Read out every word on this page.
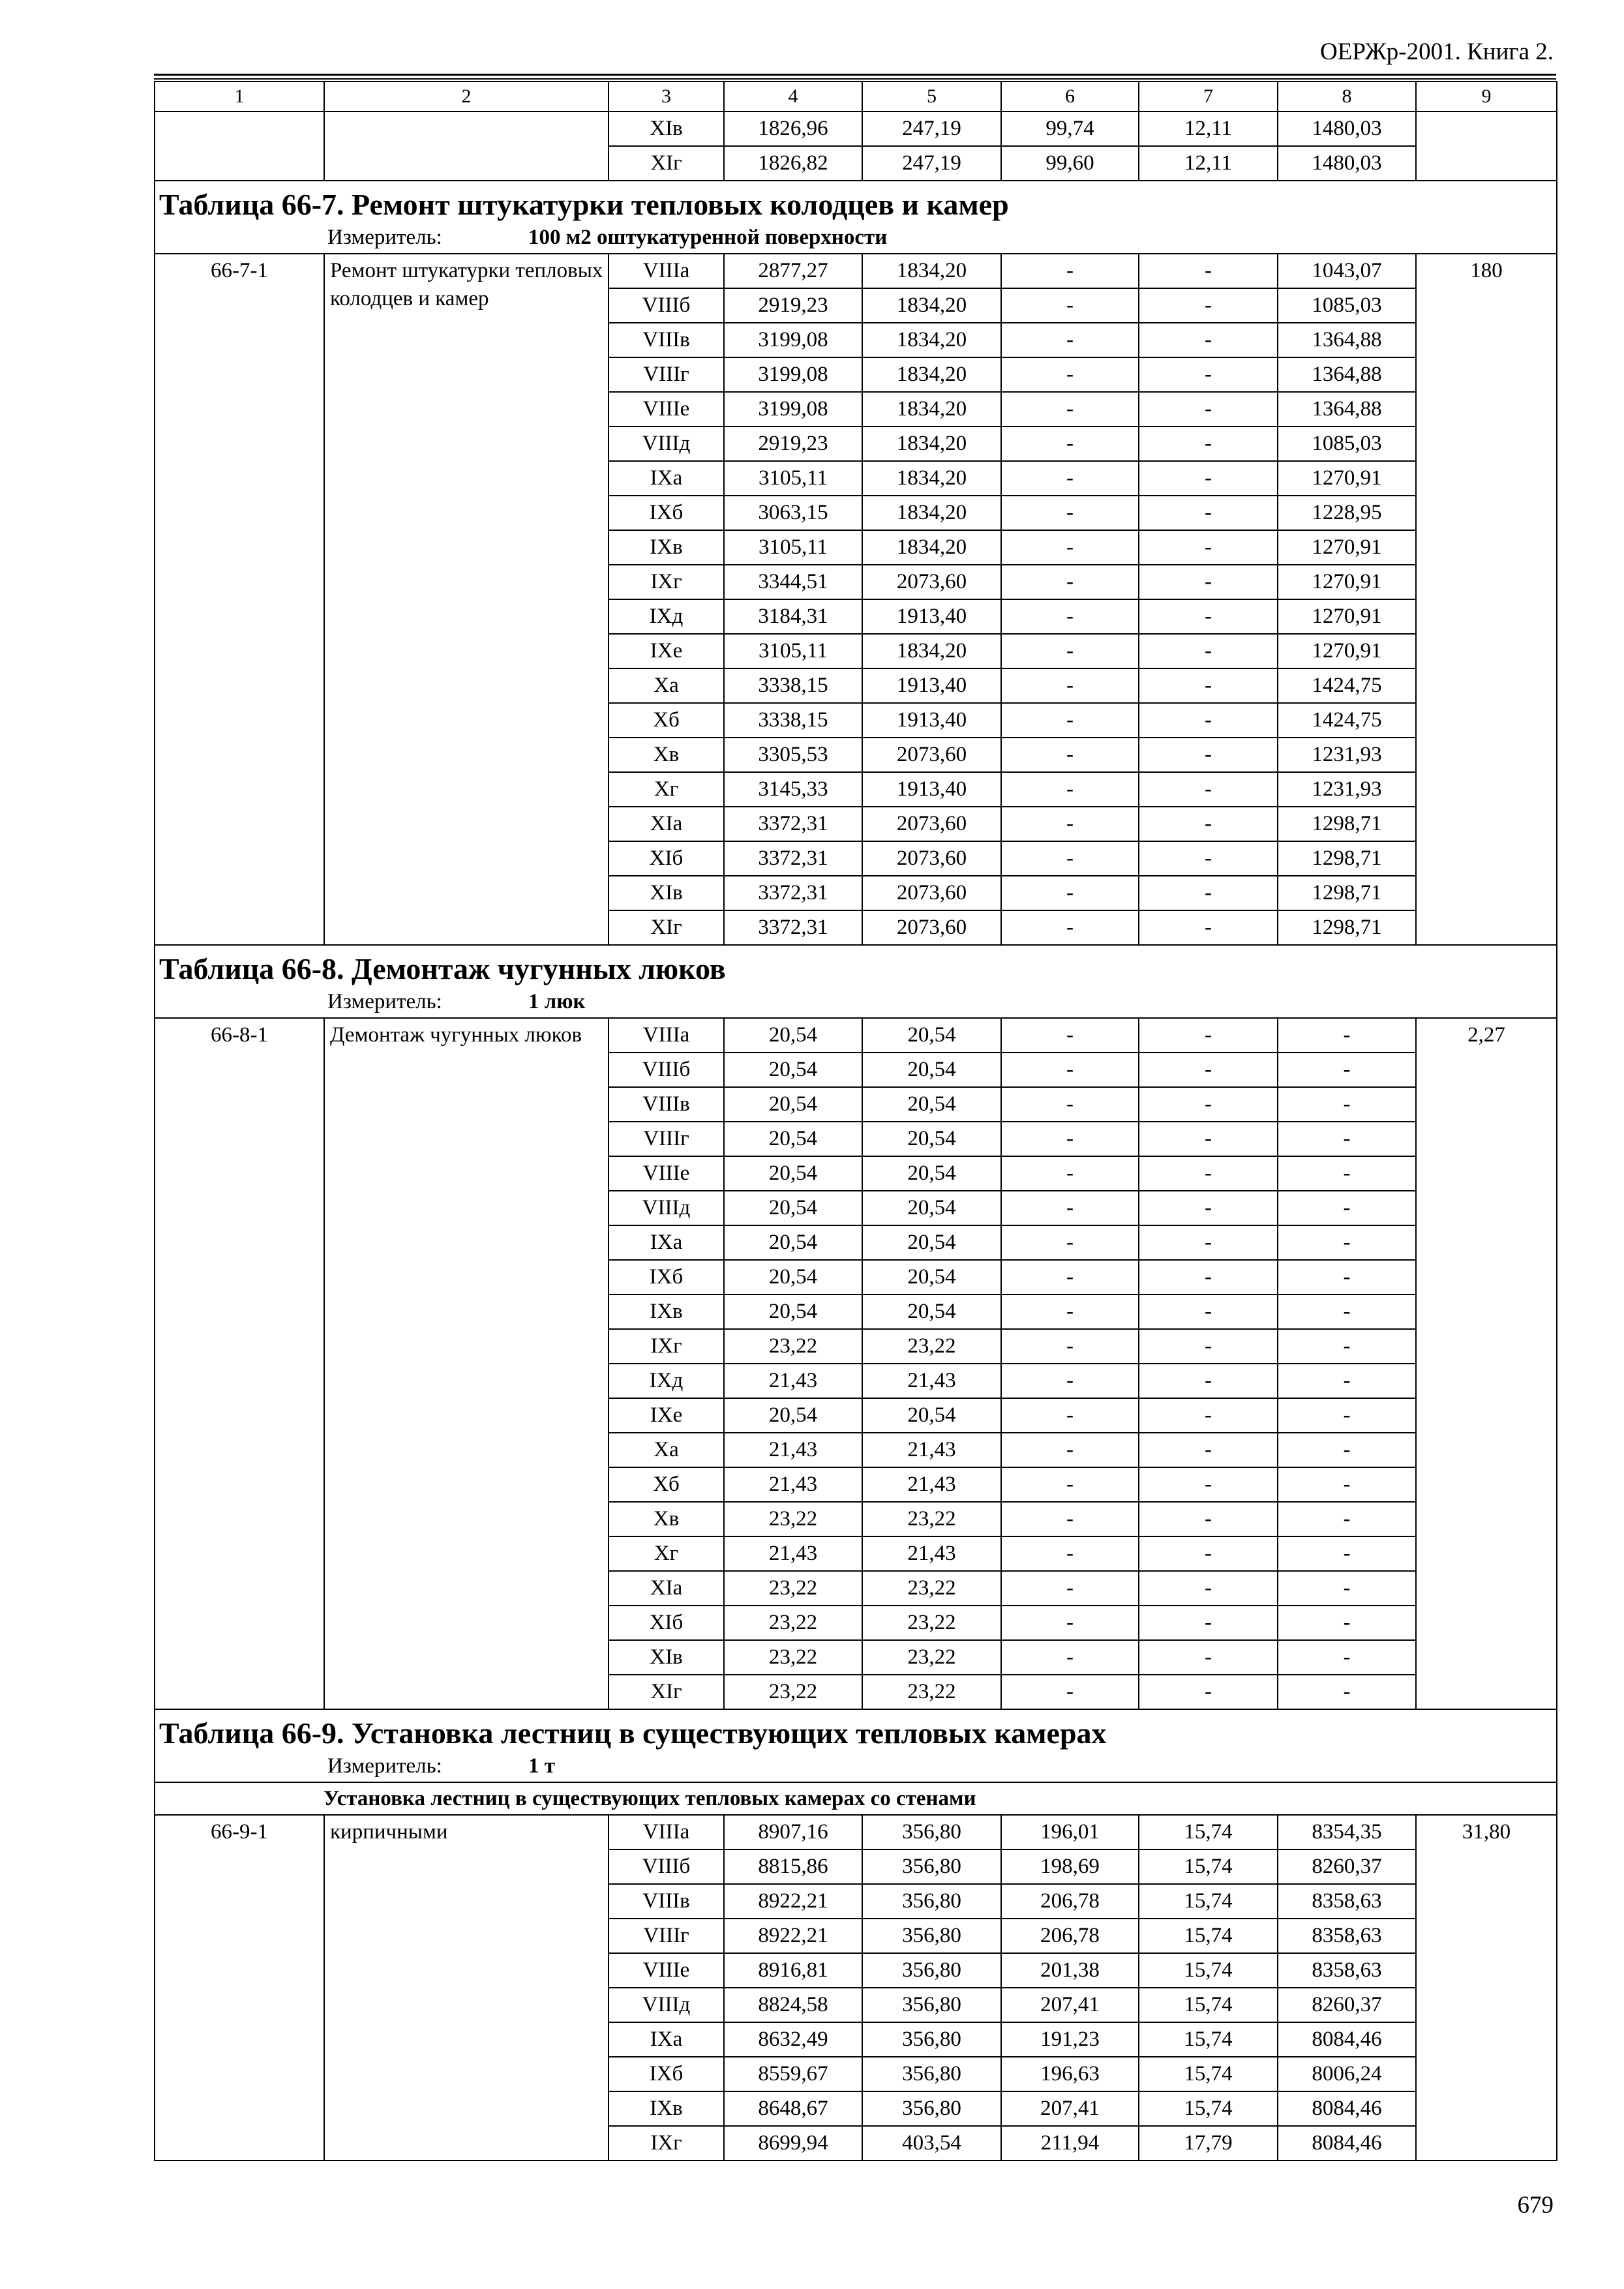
ОЕРЖр-2001. Книга 2.
1	2	3	4	5	6	7	8	9
		XIв	1826,96	247,19	99,74	12,11	1480,03	
		XIг	1826,82	247,19	99,60	12,11	1480,03	

Таблица 66-7. Ремонт штукатурки тепловых колодцев и камер
Измеритель: 100 м2 оштукатуренной поверхности								

66-7-1	Ремонт штукатурки тепловых колодцев и камер	VIIIа	2877,27	1834,20	-	-	1043,07	180
		VIIIб	2919,23	1834,20	-	-	1085,03	
		VIIIв	3199,08	1834,20	-	-	1364,88	
		VIIIг	3199,08	1834,20	-	-	1364,88	
		VIIIе	3199,08	1834,20	-	-	1364,88	
		VIIIд	2919,23	1834,20	-	-	1085,03	
		IXа	3105,11	1834,20	-	-	1270,91	
		IXб	3063,15	1834,20	-	-	1228,95	
		IXв	3105,11	1834,20	-	-	1270,91	
		IXг	3344,51	2073,60	-	-	1270,91	
		IXд	3184,31	1913,40	-	-	1270,91	
		IXе	3105,11	1834,20	-	-	1270,91	
		Xа	3338,15	1913,40	-	-	1424,75	
		Xб	3338,15	1913,40	-	-	1424,75	
		Xв	3305,53	2073,60	-	-	1231,93	
		Xг	3145,33	1913,40	-	-	1231,93	
		XIа	3372,31	2073,60	-	-	1298,71	
		XIб	3372,31	2073,60	-	-	1298,71	
		XIв	3372,31	2073,60	-	-	1298,71	
		XIг	3372,31	2073,60	-	-	1298,71	

Таблица 66-8. Демонтаж чугунных люков
Измеритель: 1 люк								

66-8-1	Демонтаж чугунных люков	VIIIа	20,54	20,54	-	-	-	2,27
		VIIIб	20,54	20,54	-	-	-	
		VIIIв	20,54	20,54	-	-	-	
		VIIIг	20,54	20,54	-	-	-	
		VIIIе	20,54	20,54	-	-	-	
		VIIIд	20,54	20,54	-	-	-	
		IXа	20,54	20,54	-	-	-	
		IXб	20,54	20,54	-	-	-	
		IXв	20,54	20,54	-	-	-	
		IXг	23,22	23,22	-	-	-	
		IXд	21,43	21,43	-	-	-	
		IXе	20,54	20,54	-	-	-	
		Xа	21,43	21,43	-	-	-	
		Xб	21,43	21,43	-	-	-	
		Xв	23,22	23,22	-	-	-	
		Xг	21,43	21,43	-	-	-	
		XIа	23,22	23,22	-	-	-	
		XIб	23,22	23,22	-	-	-	
		XIв	23,22	23,22	-	-	-	
		XIг	23,22	23,22	-	-	-	

Таблица 66-9. Установка лестниц в существующих тепловых камерах
Измеритель: 1 т								

Установка лестниц в существующих тепловых камерах со стенами								
66-9-1	кирпичными	VIIIа	8907,16	356,80	196,01	15,74	8354,35	31,80
		VIIIб	8815,86	356,80	198,69	15,74	8260,37	
		VIIIв	8922,21	356,80	206,78	15,74	8358,63	
		VIIIг	8922,21	356,80	206,78	15,74	8358,63	
		VIIIе	8916,81	356,80	201,38	15,74	8358,63	
		VIIIд	8824,58	356,80	207,41	15,74	8260,37	
		IXа	8632,49	356,80	191,23	15,74	8084,46	
		IXб	8559,67	356,80	196,63	15,74	8006,24	
		IXв	8648,67	356,80	207,41	15,74	8084,46	
		IXг	8699,94	403,54	211,94	17,79	8084,46	
679
